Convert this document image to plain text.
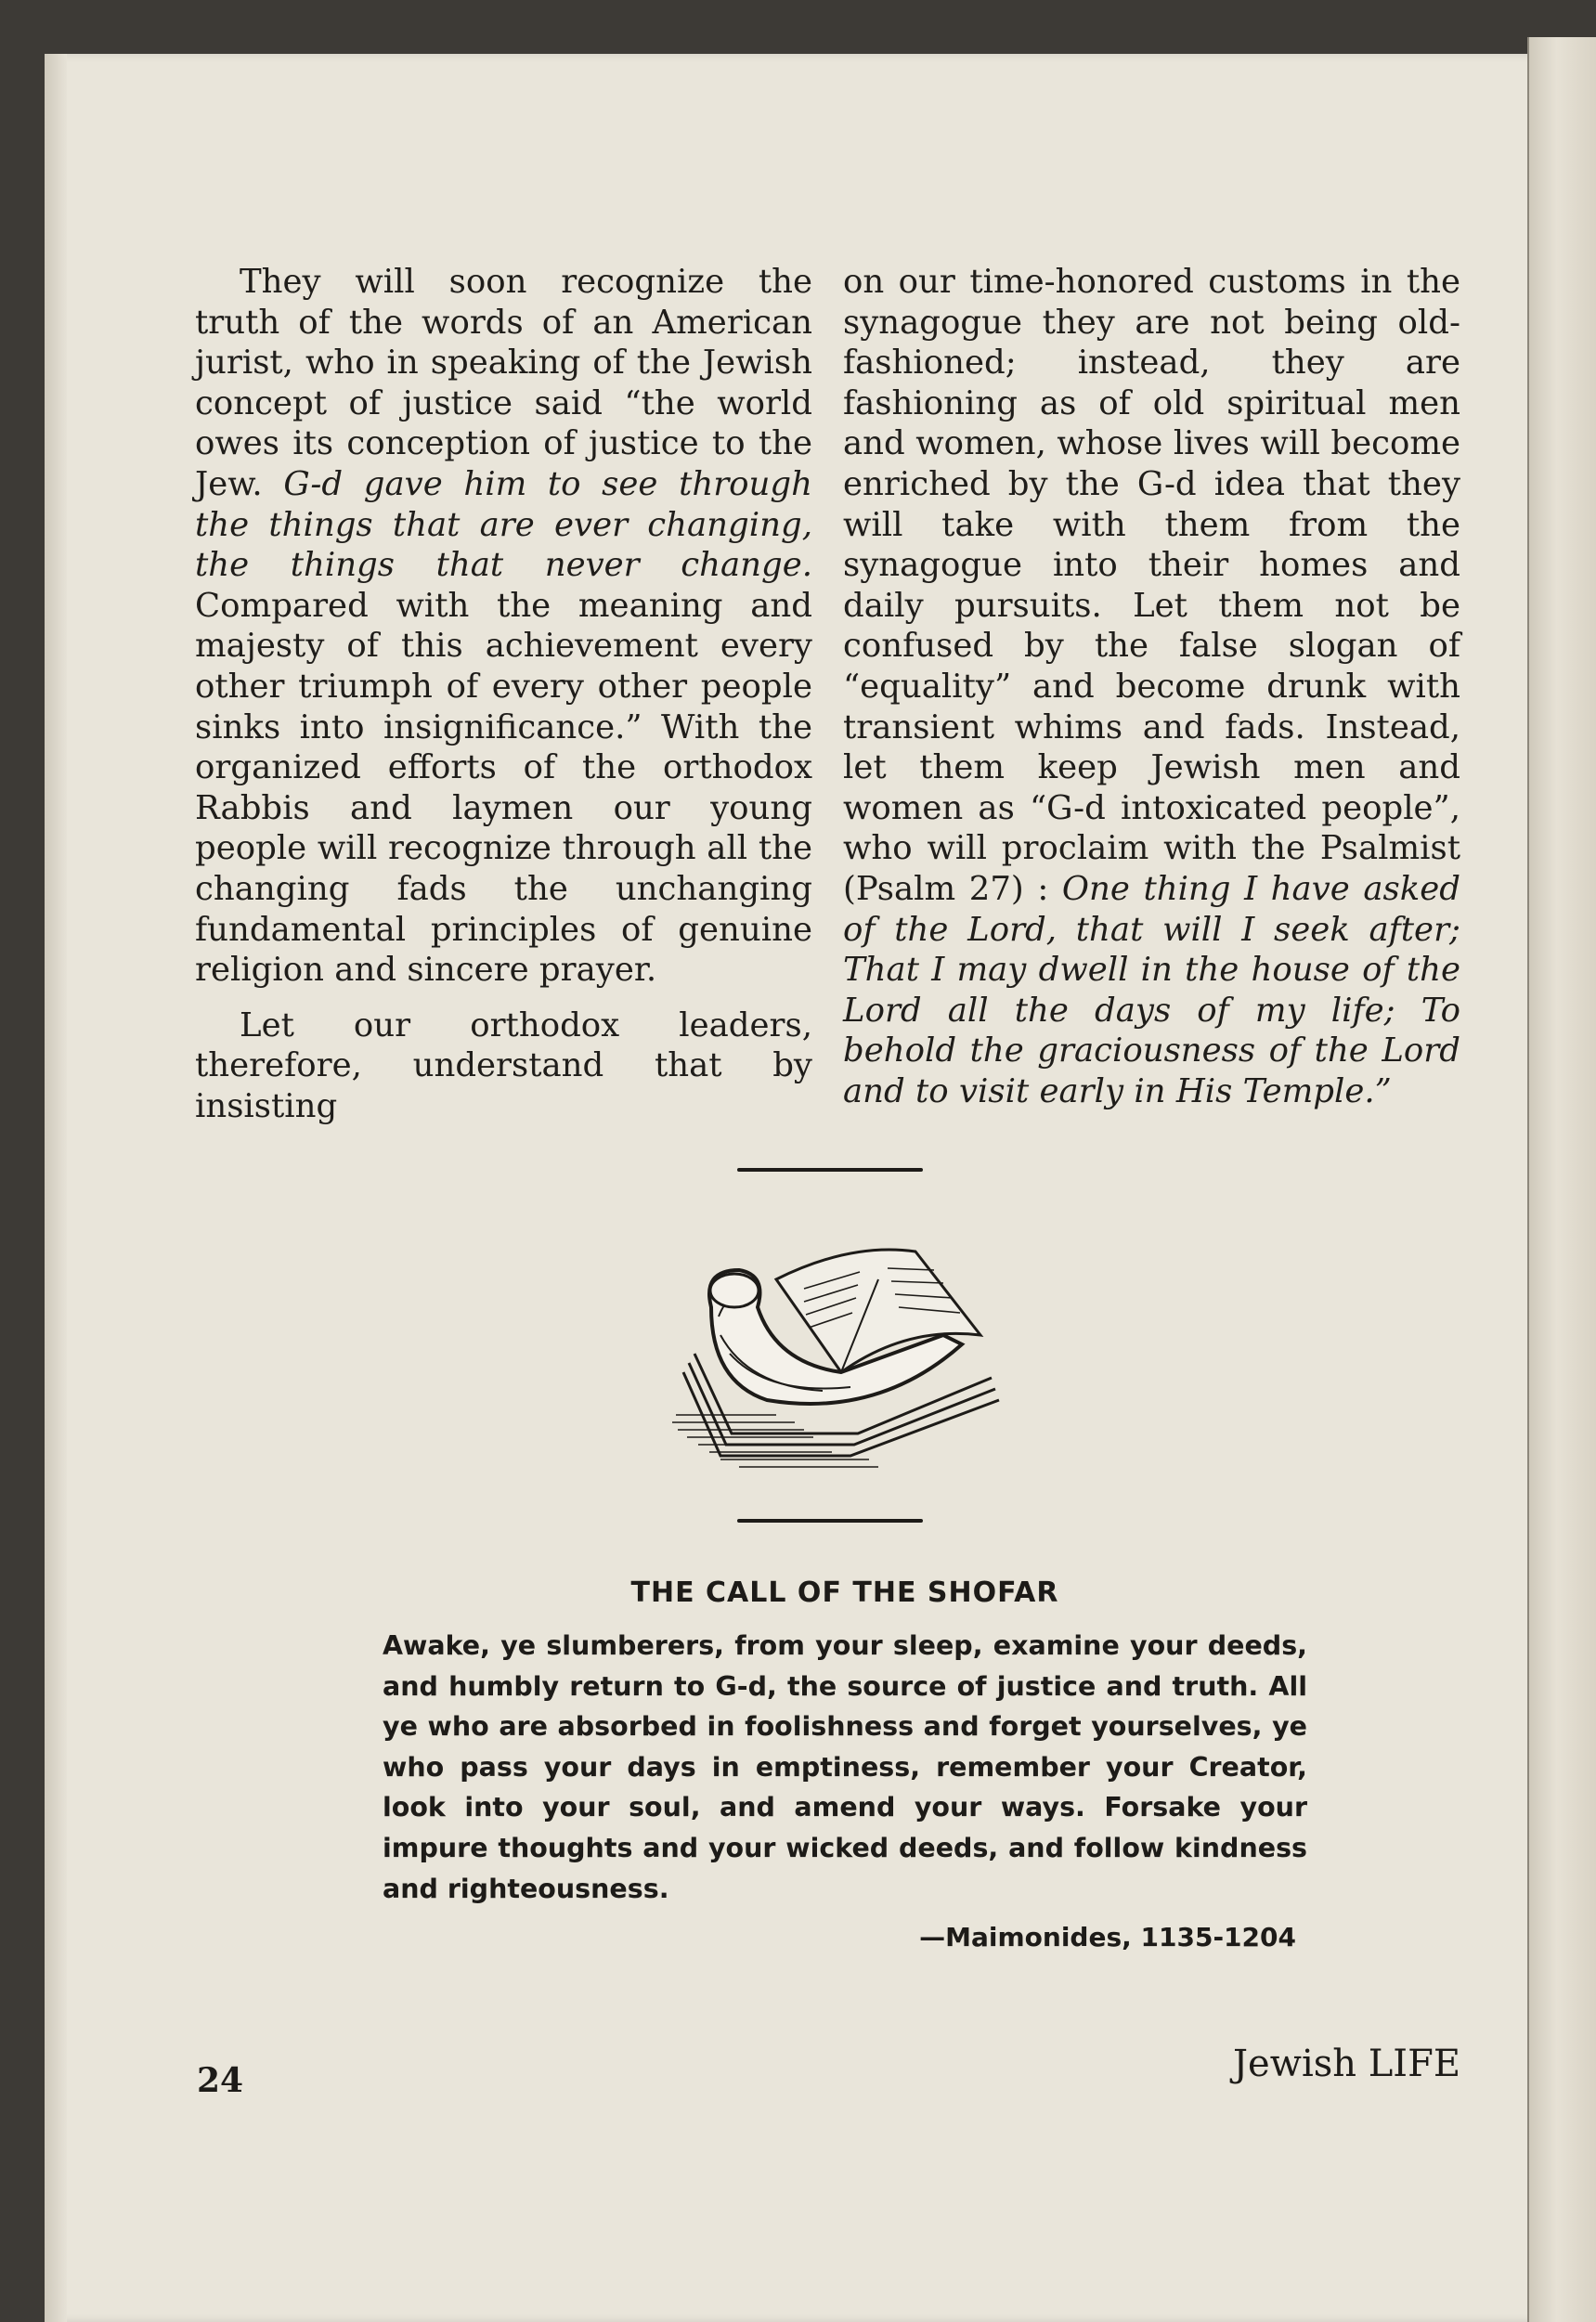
They will soon recognize the truth of the words of an American jurist, who in speaking of the Jewish concept of justice said “the world owes its conception of justice to the Jew. G-d gave him to see through the things that are ever changing, the things that never change. Compared with the meaning and majesty of this achievement every other triumph of every other people sinks into insignificance.” With the organized efforts of the orthodox Rabbis and laymen our young people will recognize through all the changing fads the unchanging fundamental principles of genuine religion and sincere prayer.

Let our orthodox leaders, therefore, understand that by insisting

on our time-honored customs in the synagogue they are not being old-fashioned; instead, they are fashioning as of old spiritual men and women, whose lives will become enriched by the G-d idea that they will take with them from the synagogue into their homes and daily pursuits. Let them not be confused by the false slogan of “equality” and become drunk with transient whims and fads. Instead, let them keep Jewish men and women as “G-d intoxicated people”, who will proclaim with the Psalmist (Psalm 27) : One thing I have asked of the Lord, that will I seek after; That I may dwell in the house of the Lord all the days of my life; To behold the graciousness of the Lord and to visit early in His Temple.”

THE CALL OF THE SHOFAR

Awake, ye slumberers, from your sleep, examine your deeds, and humbly return to G-d, the source of justice and truth. All ye who are absorbed in foolishness and forget yourselves, ye who pass your days in emptiness, remember your Creator, look into your soul, and amend your ways. Forsake your impure thoughts and your wicked deeds, and follow kindness and righteousness.

—Maimonides, 1135-1204

24	Jewish LIFE
